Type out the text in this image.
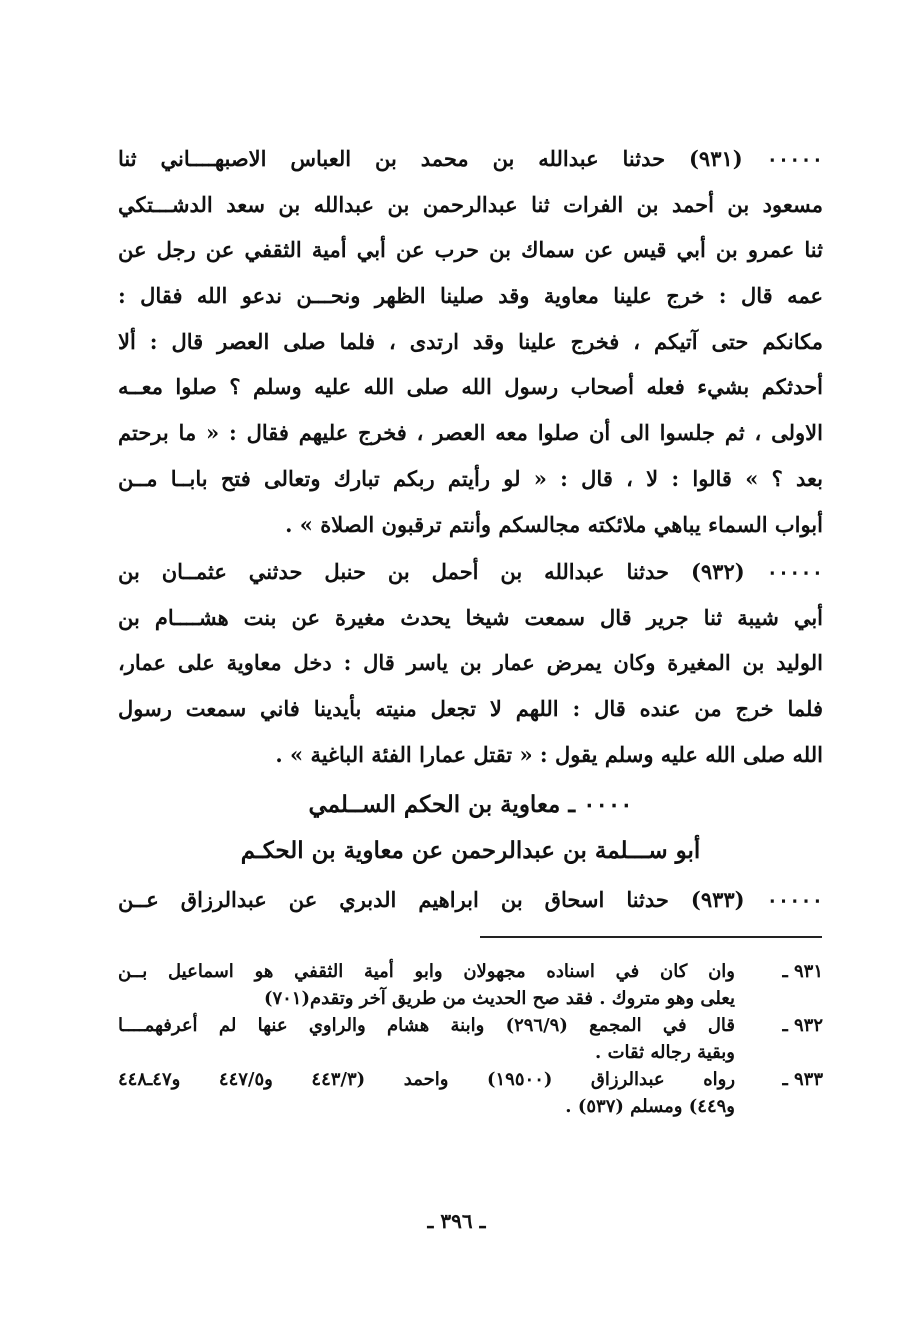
٠٠٠٠٠ (٩٣١) حدثنا عبدالله بن محمد بن العباس الاصبهــــاني ثنا
مسعود بن أحمد بن الفرات ثنا عبدالرحمن بن عبدالله بن سعد الدشـــتكي
ثنا عمرو بن أبي قيس عن سماك بن حرب عن أبي أمية الثقفي عن رجل عن
عمه قال : خرج علينا معاوية وقد صلينا الظهر ونحـــن ندعو الله فقال :
مكانكم حتى آتيكم ، فخرج علينا وقد ارتدى ، فلما صلى العصر قال : ألا
أحدثكم بشيء فعله أصحاب رسول الله صلى الله عليه وسلم ؟ صلوا معــه
الاولى ، ثم جلسوا الى أن صلوا معه العصر ، فخرج عليهم فقال : « ما برحتم
بعد ؟ » قالوا : لا ، قال : « لو رأيتم ربكم تبارك وتعالى فتح بابــا مــن
أبواب السماء يباهي ملائكته مجالسكم وأنتم ترقبون الصلاة » .
٠٠٠٠٠ (٩٣٢) حدثنا عبدالله بن أحمل بن حنبل حدثني عثمــان بن
أبي شيبة ثنا جرير قال سمعت شيخا يحدث مغيرة عن بنت هشــــام بن
الوليد بن المغيرة وكان يمرض عمار بن ياسر قال : دخل معاوية على عمار،
فلما خرج من عنده قال : اللهم لا تجعل منيته بأيدينا فاني سمعت رسول
الله صلى الله عليه وسلم يقول : « تقتل عمارا الفئة الباغية » .
٠٠٠٠ ـ معاوية بن الحكم الســلمي
أبو ســـلمة بن عبدالرحمن عن معاوية بن الحكـم
٠٠٠٠٠ (٩٣٣) حدثنا اسحاق بن ابراهيم الدبري عن عبدالرزاق عــن
٩٣١ ـ
وان كان في اسناده مجهولان وابو أمية الثقفي هو اسماعيل بــن
يعلى وهو متروك . فقد صح الحديث من طريق آخر وتقدم(٧٠١)
٩٣٢ ـ
قال في المجمع (٢٩٦/٩) وابنة هشام والراوي عنها لم أعرفهمــــا
وبقية رجاله ثقات .
٩٣٣ ـ
رواه عبدالرزاق (١٩٥٠٠) واحمد (٤٤٣/٣ و٤٤٧/٥ و٤٧ـ٤٤٨
و٤٤٩) ومسلم (٥٣٧) .
ـ ٣٩٦ ـ
